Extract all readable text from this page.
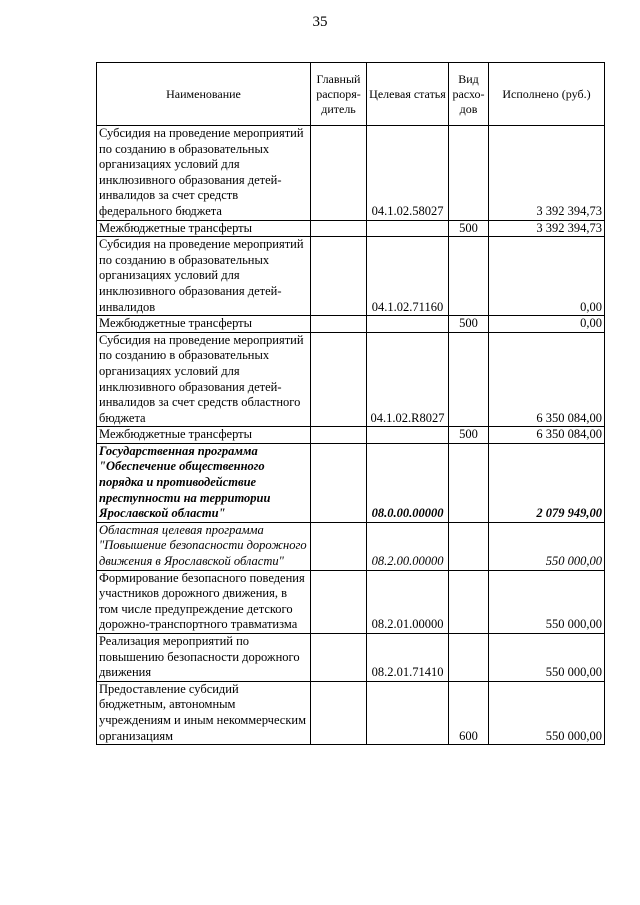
35
Наименование	Главный распоря-дитель	Целевая статья	Вид расхо-дов	Исполнено (руб.)
Субсидия на проведение мероприятий по созданию в образовательных организациях условий для инклюзивного образования детей-инвалидов за счет средств федерального бюджета		04.1.02.58027		3 392 394,73
Межбюджетные трансферты			500	3 392 394,73
Субсидия на проведение мероприятий по созданию в образовательных организациях условий для инклюзивного образования детей-инвалидов		04.1.02.71160		0,00
Межбюджетные трансферты			500	0,00
Субсидия на проведение мероприятий по созданию в образовательных организациях условий для инклюзивного образования детей-инвалидов за счет средств областного бюджета		04.1.02.R8027		6 350 084,00
Межбюджетные трансферты			500	6 350 084,00
Государственная программа "Обеспечение общественного порядка и противодействие преступности на территории Ярославской области"		08.0.00.00000		2 079 949,00
Областная целевая программа "Повышение безопасности дорожного движения в Ярославской области"		08.2.00.00000		550 000,00
Формирование безопасного поведения участников дорожного движения, в том числе предупреждение детского дорожно-транспортного травматизма		08.2.01.00000		550 000,00
Реализация мероприятий по повышению безопасности дорожного движения		08.2.01.71410		550 000,00
Предоставление субсидий бюджетным, автономным учреждениям и иным некоммерческим организациям			600	550 000,00
